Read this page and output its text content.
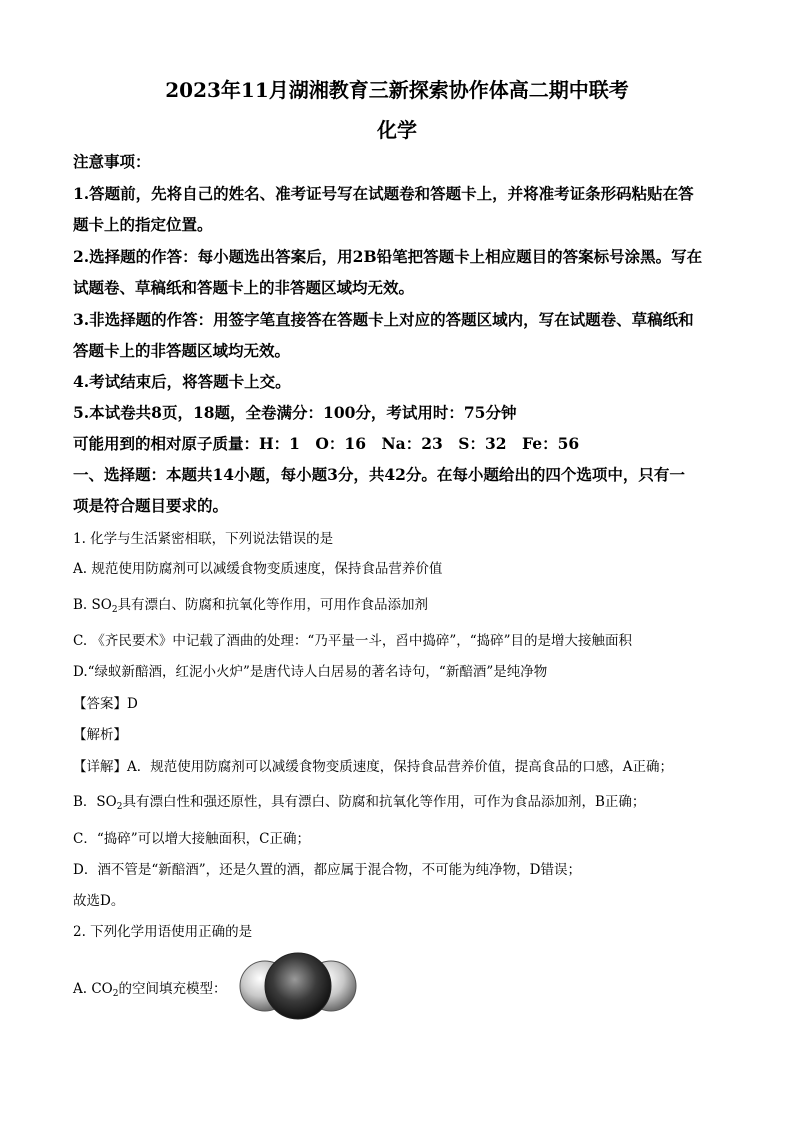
2023年11月湖湘教育三新探索协作体高二期中联考
化学
注意事项：
1.答题前，先将自己的姓名、准考证号写在试题卷和答题卡上，并将准考证条形码粘贴在答
题卡上的指定位置。
2.选择题的作答：每小题选出答案后，用2B铅笔把答题卡上相应题目的答案标号涂黑。写在
试题卷、草稿纸和答题卡上的非答题区域均无效。
3.非选择题的作答：用签字笔直接答在答题卡上对应的答题区域内，写在试题卷、草稿纸和
答题卡上的非答题区域均无效。
4.考试结束后，将答题卡上交。
5.本试卷共8页，18题，全卷满分：100分，考试用时：75分钟
可能用到的相对原子质量：H：1　O：16　Na：23　S：32　Fe：56
一、选择题：本题共14小题，每小题3分，共42分。在每小题给出的四个选项中，只有一
项是符合题目要求的。
1. 化学与生活紧密相联，下列说法错误的是
A. 规范使用防腐剂可以减缓食物变质速度，保持食品营养价值
B. $SO_2$具有漂白、防腐和抗氧化等作用，可用作食品添加剂
C. 《齐民要术》中记载了酒曲的处理：“乃平量一斗，舀中捣碎”，“捣碎”目的是增大接触面积
D.“绿蚁新醅酒，红泥小火炉”是唐代诗人白居易的著名诗句，“新醅酒”是纯净物
【答案】D
【解析】
【详解】A．规范使用防腐剂可以减缓食物变质速度，保持食品营养价值，提高食品的口感，A正确；
B．$SO_2$具有漂白性和强还原性，具有漂白、防腐和抗氧化等作用，可作为食品添加剂，B正确；
C．“捣碎”可以增大接触面积，C正确；
D．酒不管是“新醅酒”，还是久置的酒，都应属于混合物，不可能为纯净物，D错误；
故选D。
2. 下列化学用语使用正确的是
A. $CO_2$的空间填充模型：
